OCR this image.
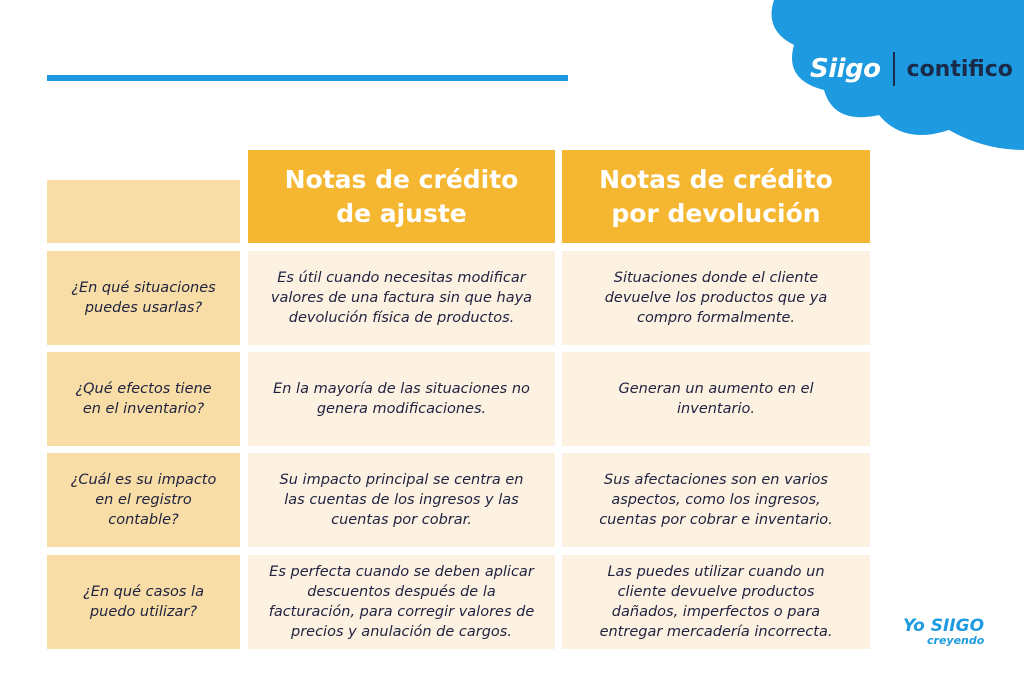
Siigo contifico
Notas de crédito
de ajuste
Notas de crédito
por devolución
¿En qué situaciones
puedes usarlas?
Es útil cuando necesitas modificar
valores de una factura sin que haya
devolución física de productos.
Situaciones donde el cliente
devuelve los productos que ya
compro formalmente.
¿Qué efectos tiene
en el inventario?
En la mayoría de las situaciones no
genera modificaciones.
Generan un aumento en el
inventario.
¿Cuál es su impacto
en el registro
contable?
Su impacto principal se centra en
las cuentas de los ingresos y las
cuentas por cobrar.
Sus afectaciones son en varios
aspectos, como los ingresos,
cuentas por cobrar e inventario.
¿En qué casos la
puedo utilizar?
Es perfecta cuando se deben aplicar
descuentos después de la
facturación, para corregir valores de
precios y anulación de cargos.
Las puedes utilizar cuando un
cliente devuelve productos
dañados, imperfectos o para
entregar mercadería incorrecta.	Yo SIIGO
creyendo
